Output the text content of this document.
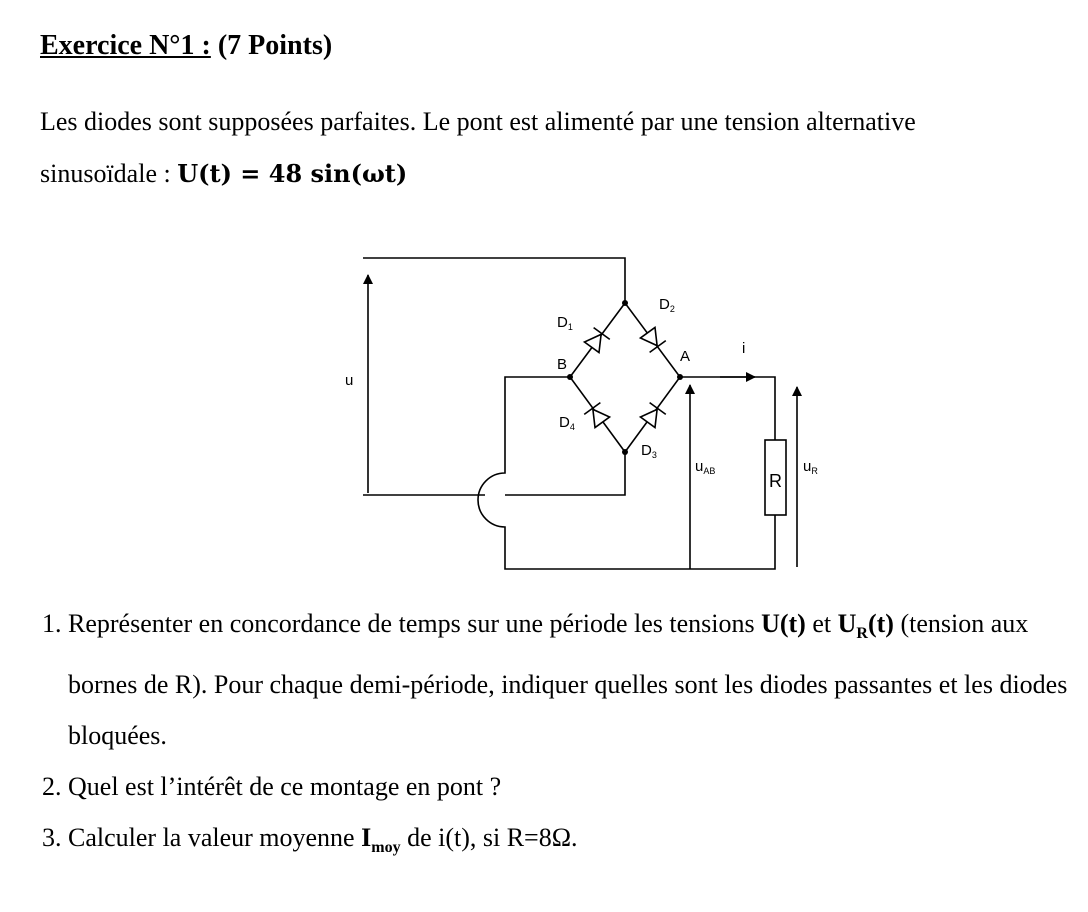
Exercice N°1 : (7 Points)
Les diodes sont supposées parfaites. Le pont est alimenté par une tension alternative
sinusoïdale : U(t) = 48 sin(ωt)
u
$D_1$
$D_2$
B	A	i
$D_4$
$D_3$
$u_{AB}$	R
$u_R$
1. Représenter en concordance de temps sur une période les tensions U(t) et $U_R(t)$ (tension aux bornes de R). Pour chaque demi-période, indiquer quelles sont les diodes passantes et les diodes bloquées.
2. Quel est l’intérêt de ce montage en pont ?
3. Calculer la valeur moyenne $I_{moy}$ de i(t), si R=8Ω.
